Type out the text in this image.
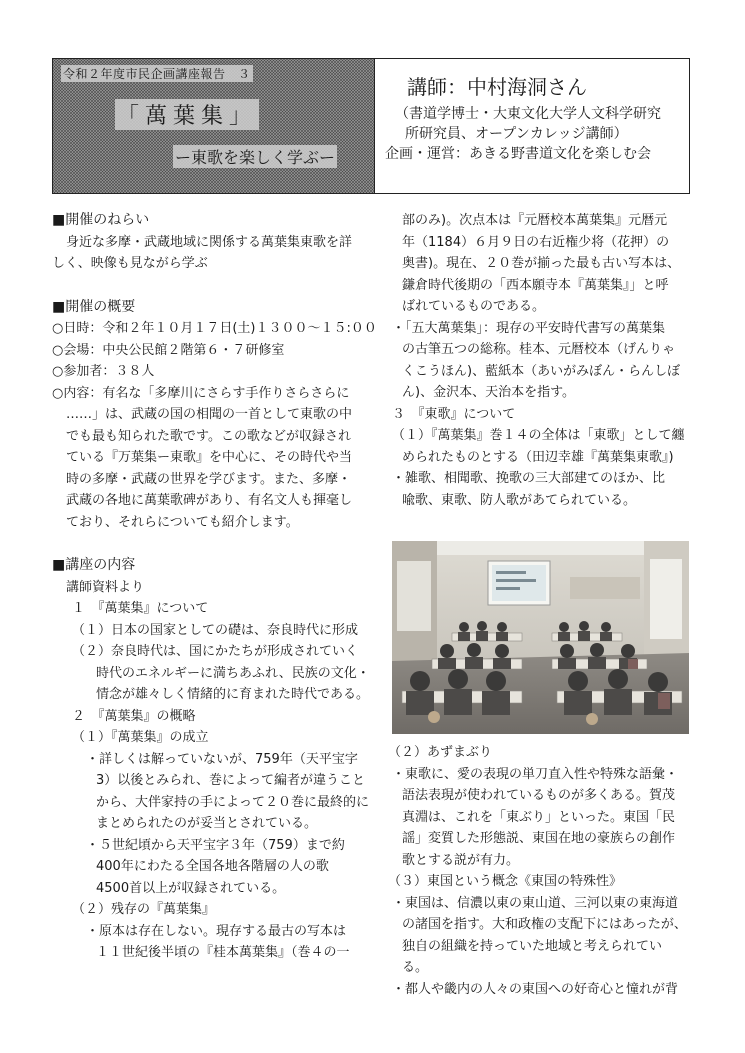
令和２年度市民企画講座報告　３
「萬葉集」
ー東歌を楽しく学ぶー
講師：中村海洞さん
（書道学博士・大東文化大学人文科学研究
所研究員、オープンカレッジ講師）
企画・運営：あきる野書道文化を楽しむ会
■開催のねらい
身近な多摩・武蔵地域に関係する萬葉集東歌を詳
しく、映像も見ながら学ぶ
■開催の概要
○日時：令和２年１０月１７日(土)１３００〜１５:００
○会場：中央公民館２階第６・７研修室
○参加者：３８人
○内容：有名な「多摩川にさらす手作りさらさらに
……」は、武蔵の国の相聞の一首として東歌の中
でも最も知られた歌です。この歌などが収録され
ている『万葉集ー東歌』を中心に、その時代や当
時の多摩・武蔵の世界を学びます。また、多摩・
武蔵の各地に萬葉歌碑があり、有名文人も揮毫し
ており、それらについても紹介します。
■講座の内容
講師資料より
１　『萬葉集』について
（１）日本の国家としての礎は、奈良時代に形成
（２）奈良時代は、国にかたちが形成されていく
時代のエネルギーに満ちあふれ、民族の文化・
情念が雄々しく情緒的に育まれた時代である。
２　『萬葉集』の概略
（１）『萬葉集』の成立
・詳しくは解っていないが、759年（天平宝字
3）以後とみられ、巻によって編者が違うこと
から、大伴家持の手によって２０巻に最終的に
まとめられたのが妥当とされている。
・５世紀頃から天平宝字３年（759）まで約
400年にわたる全国各地各階層の人の歌
4500首以上が収録されている。
（２）残存の『萬葉集』
・原本は存在しない。現存する最古の写本は
１１世紀後半頃の『桂本萬葉集』（巻４の一
部のみ)。次点本は『元暦校本萬葉集』元暦元
年（1184）６月９日の右近権少将（花押）の
奥書)。現在、２０巻が揃った最も古い写本は、
鎌倉時代後期の「西本願寺本『萬葉集』」と呼
ばれているものである。
・「五大萬葉集」：現存の平安時代書写の萬葉集
の古筆五つの総称。桂本、元暦校本（げんりゃ
くこうほん)、藍紙本（あいがみぼん・らんしぼ
ん)、金沢本、天治本を指す。
３　『東歌』について
（１）『萬葉集』巻１４の全体は「東歌」として纏
められたものとする（田辺幸雄『萬葉集東歌』)
・雑歌、相聞歌、挽歌の三大部建てのほか、比
喩歌、東歌、防人歌があてられている。
（２）あずまぶり
・東歌に、愛の表現の単刀直入性や特殊な語彙・
語法表現が使われているものが多くある。賀茂
真淵は、これを「東ぶり」といった。東国「民
謡」変質した形態説、東国在地の豪族らの創作
歌とする説が有力。
（３）東国という概念《東国の特殊性》
・東国は、信濃以東の東山道、三河以東の東海道
の諸国を指す。大和政権の支配下にはあったが、
独自の組織を持っていた地域と考えられてい
る。
・都人や畿内の人々の東国への好奇心と憧れが背
